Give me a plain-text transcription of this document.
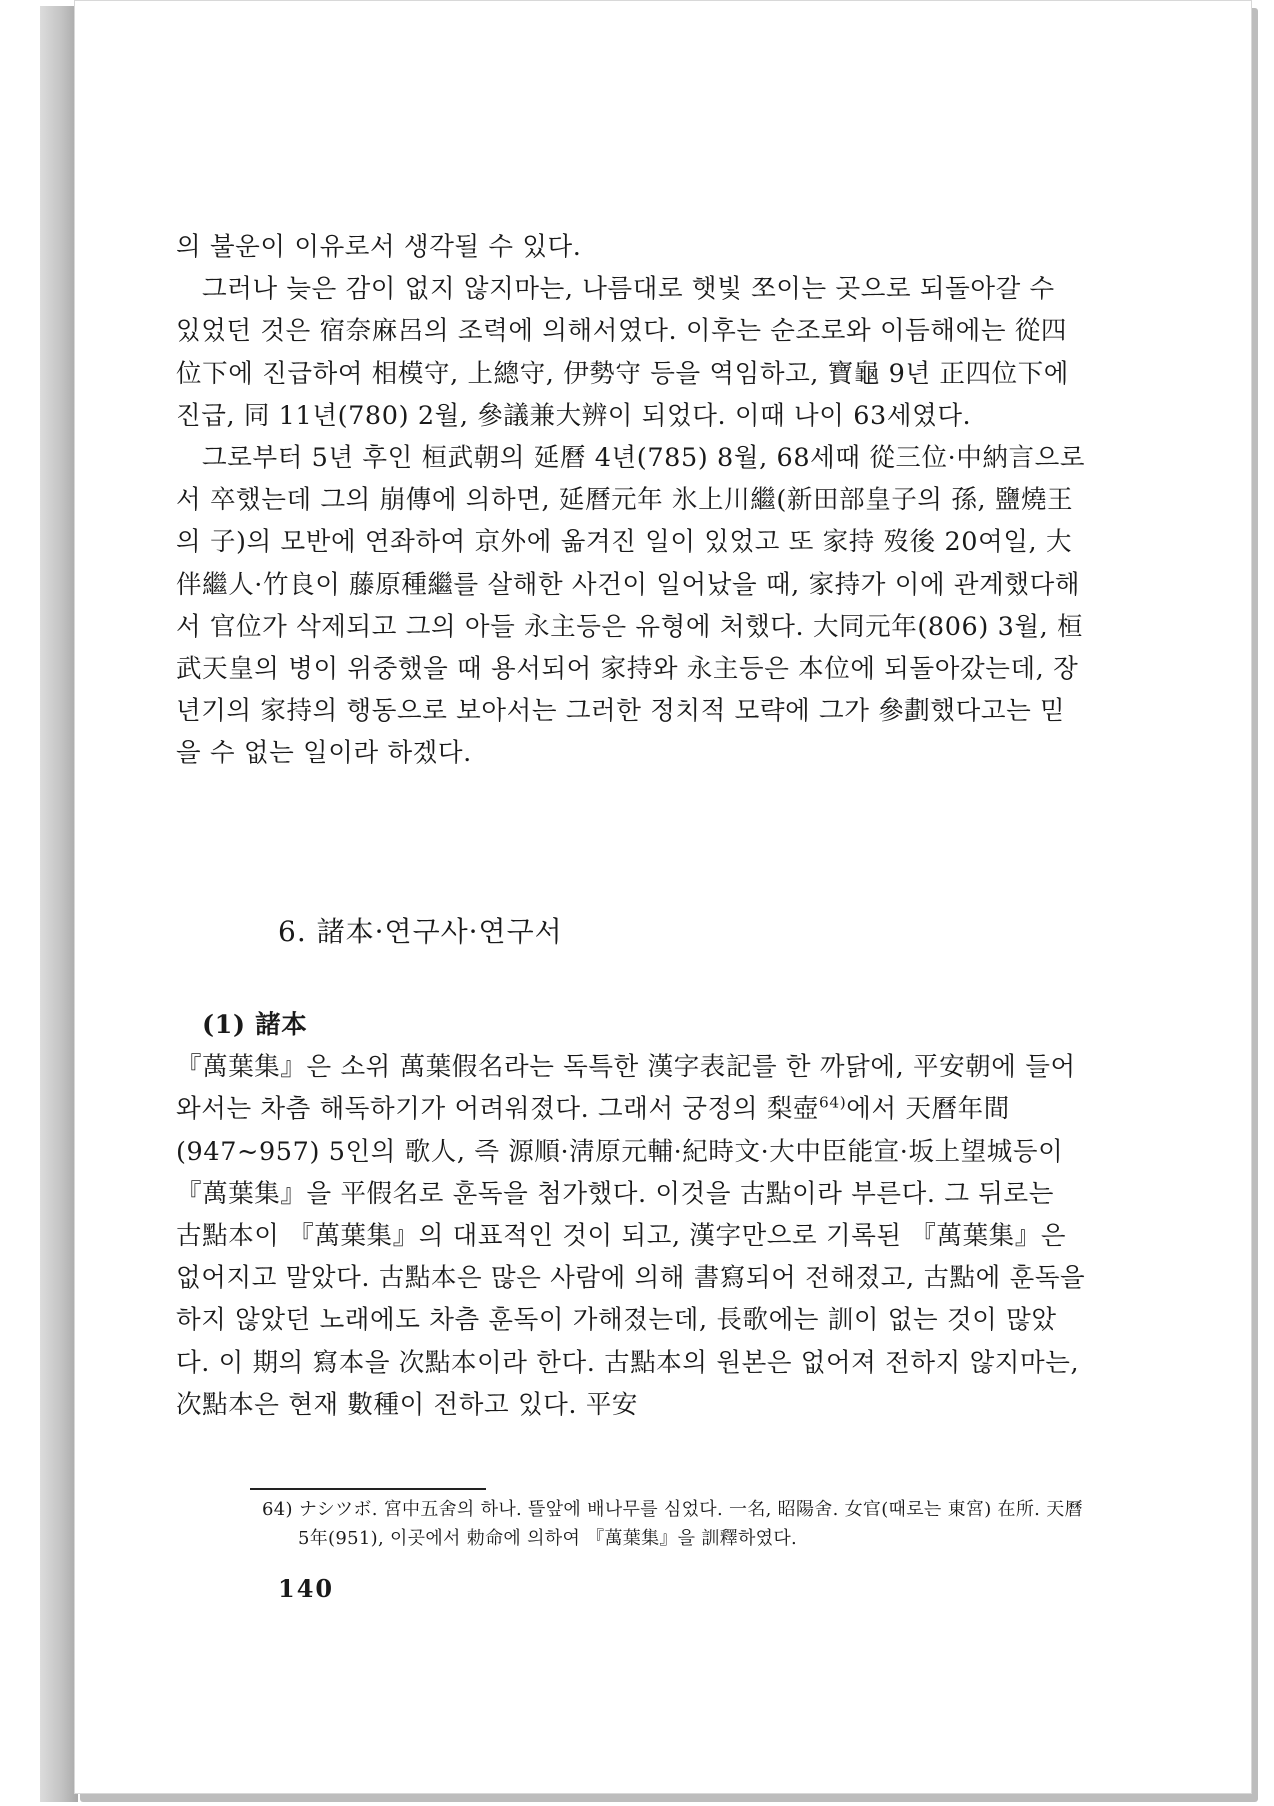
의 불운이 이유로서 생각될 수 있다.

그러나 늦은 감이 없지 않지마는, 나름대로 햇빛 쪼이는 곳으로 되돌아갈 수 있었던 것은 宿奈麻呂의 조력에 의해서였다. 이후는 순조로와 이듬해에는 從四位下에 진급하여 相模守, 上總守, 伊勢守 등을 역임하고, 寶龜 9년 正四位下에 진급, 同 11년(780) 2월, 參議兼大辨이 되었다. 이때 나이 63세였다.

그로부터 5년 후인 桓武朝의 延曆 4년(785) 8월, 68세때 從三位·中納言으로서 卒했는데 그의 崩傳에 의하면, 延曆元年 氷上川繼(新田部皇子의 孫, 鹽燒王의 子)의 모반에 연좌하여 京外에 옮겨진 일이 있었고 또 家持 歿後 20여일, 大伴繼人·竹良이 藤原種繼를 살해한 사건이 일어났을 때, 家持가 이에 관계했다해서 官位가 삭제되고 그의 아들 永主등은 유형에 처했다. 大同元年(806) 3월, 桓武天皇의 병이 위중했을 때 용서되어 家持와 永主등은 本位에 되돌아갔는데, 장년기의 家持의 행동으로 보아서는 그러한 정치적 모략에 그가 參劃했다고는 믿을 수 없는 일이라 하겠다.

6. 諸本·연구사·연구서

(1) 諸本

『萬葉集』은 소위 萬葉假名라는 독특한 漢字表記를 한 까닭에, 平安朝에 들어와서는 차츰 해독하기가 어려워졌다. 그래서 궁정의 梨壺$^{64)}$에서 天曆年間(947~957) 5인의 歌人, 즉 源順·淸原元輔·紀時文·大中臣能宣·坂上望城등이 『萬葉集』을 平假名로 훈독을 첨가했다. 이것을 古點이라 부른다. 그 뒤로는 古點本이 『萬葉集』의 대표적인 것이 되고, 漢字만으로 기록된 『萬葉集』은 없어지고 말았다. 古點本은 많은 사람에 의해 書寫되어 전해졌고, 古點에 훈독을 하지 않았던 노래에도 차츰 훈독이 가해졌는데, 長歌에는 訓이 없는 것이 많았다. 이 期의 寫本을 次點本이라 한다. 古點本의 원본은 없어져 전하지 않지마는, 次點本은 현재 數種이 전하고 있다. 平安

64) ナシツボ. 宮中五舍의 하나. 뜰앞에 배나무를 심었다. 一名, 昭陽舍. 女官(때로는 東宮) 在所. 天曆 5年(951), 이곳에서 勅命에 의하여 『萬葉集』을 訓釋하였다.

140
